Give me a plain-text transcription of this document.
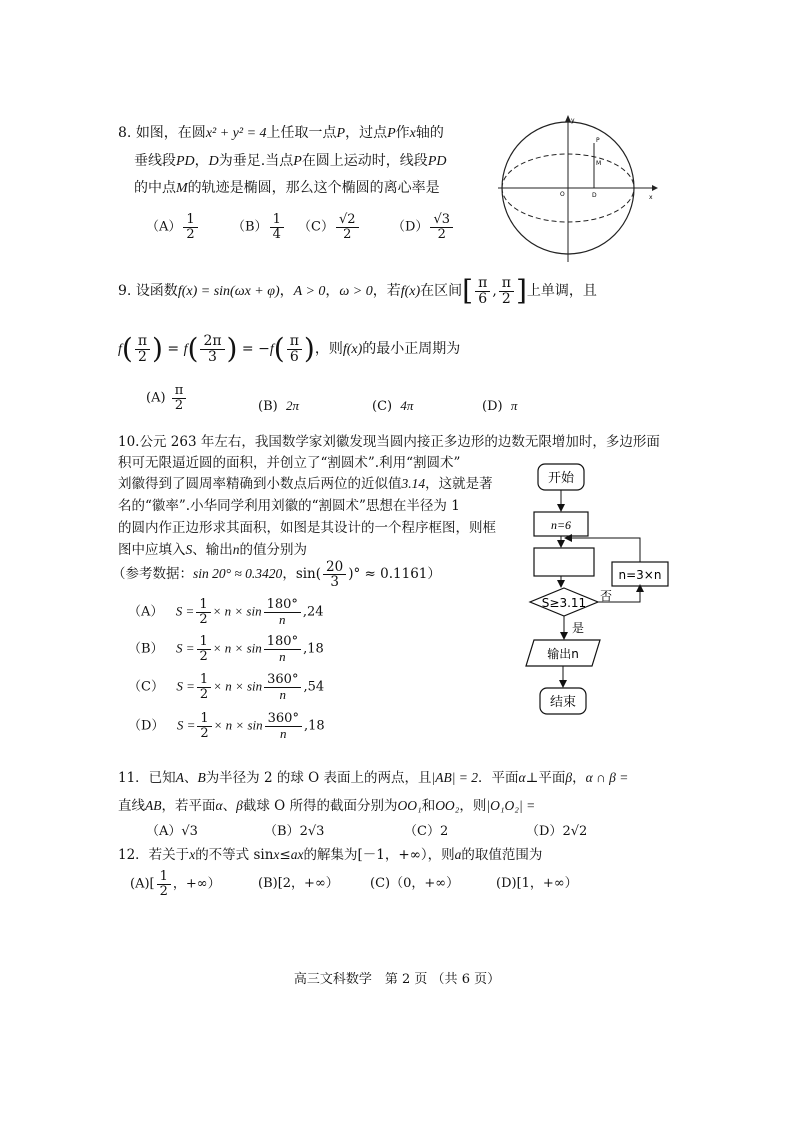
8. 如图，在圆x² + y² = 4上任取一点P，过点P作x轴的
垂线段PD，D为垂足.当点P在圆上运动时，线段PD
的中点M的轨迹是椭圆，那么这个椭圆的离心率是
$(A) \frac{1}{2}$	$(B) \frac{1}{4} (C) \frac{√2}{2}$	$(D) \frac{√3}{2}$
y
x
O
P
M
D
9. 设函数f(x) = sin(ωx + φ)，A > 0，ω > 0，若f(x)在区间[ $\frac{\pi}{6}$ , $\frac{\pi}{2}$ ]上单调，且
$f( \frac{\pi}{2}$ ) = $f( \frac{2\pi}{3}$ ) = $-f( \frac{\pi}{6}$ )，则f(x)的最小正周期为
$(A) \frac{\pi}{2}$	(B) 2π	(C) 4π	(D) π
10.公元 263 年左右，我国数学家刘徽发现当圆内接正多边形的边数无限增加时，多边形面
积可无限逼近圆的面积，并创立了“割圆术”.利用“割圆术”
刘徽得到了圆周率精确到小数点后两位的近似值3.14，这就是著
名的“徽率”.小华同学利用刘徽的“割圆术”思想在半径为 1
的圆内作正边形求其面积，如图是其设计的一个程序框图，则框
图中应填入S、输出n的值分别为
（参考数据：sin 20° ≈ 0.3420，$\sin( \frac{20}{3}$ )° ≈ 0.1161）
（A） $S = \frac{1}{2} \times n \times \sin \frac{180^\circ}{n} ,24$
（B） $S = \frac{1}{2} \times n \times \sin \frac{180^\circ}{n} ,18$
（C） $S = \frac{1}{2} \times n \times \sin \frac{360^\circ}{n} ,54$
（D） $S = \frac{1}{2} \times n \times \sin \frac{360^\circ}{n} ,18$
开始
n=6
S≥3.11
n=3×n
否
是
输出n
结束
11．已知A、B为半径为 2 的球 O 表面上的两点，且|AB| = 2．平面α⊥平面β，α ∩ β =
直线AB，若平面α、β截球 O 所得的截面分别为OO₁和OO₂，则|O₁O₂| =
（A）√3	（B）2√3	（C）2	（D）2√2
12．若关于x的不等式 sinx≤ax的解集为[－1，+∞），则a的取值范围为
$(A)[ \frac{1}{2}$ ，+∞）	(B)[2，+∞） (C)（0，+∞）	(D)[1，+∞）
高三文科数学　第 2 页 （共 6 页）
